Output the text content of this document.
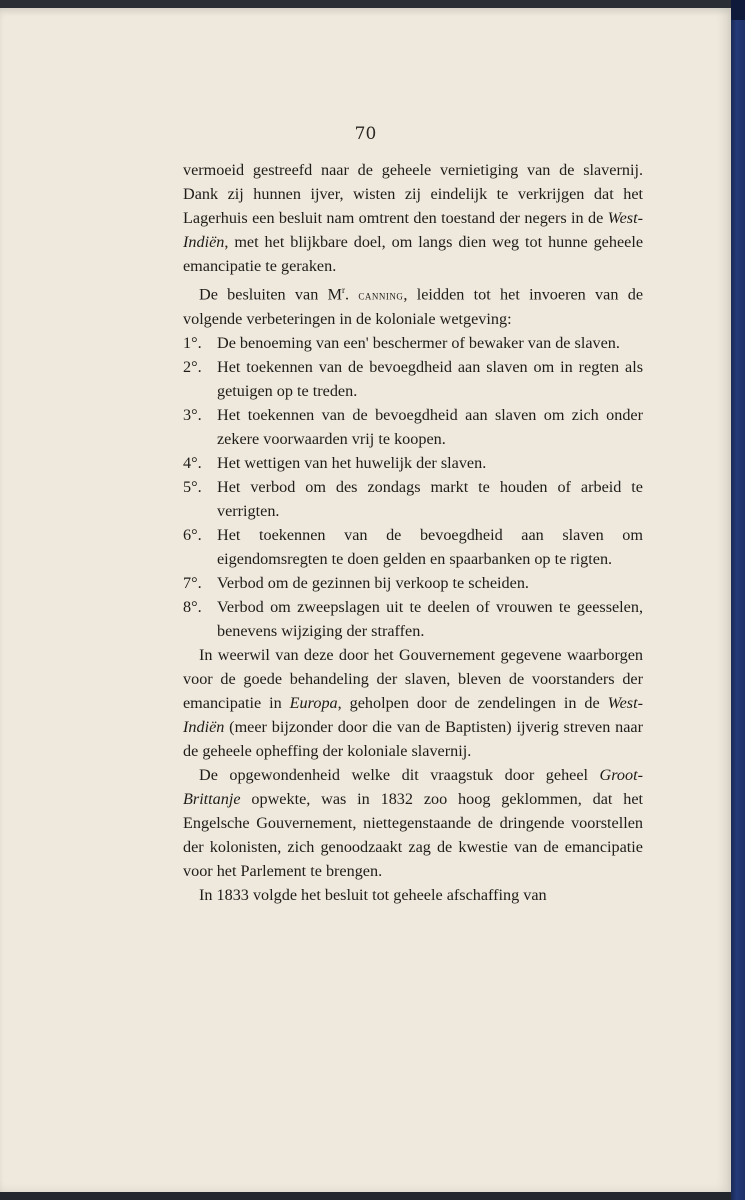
70

vermoeid gestreefd naar de geheele vernietiging van de slavernij. Dank zij hunnen ijver, wisten zij eindelijk te verkrijgen dat het Lagerhuis een besluit nam omtrent den toestand der negers in de West-Indiën, met het blijkbare doel, om langs dien weg tot hunne geheele emancipatie te geraken.

De besluiten van $M^r$. canning, leidden tot het invoeren van de volgende verbeteringen in de koloniale wetgeving:

1°. De benoeming van een' beschermer of bewaker van de slaven.
2°. Het toekennen van de bevoegdheid aan slaven om in regten als getuigen op te treden.
3°. Het toekennen van de bevoegdheid aan slaven om zich onder zekere voorwaarden vrij te koopen.
4°. Het wettigen van het huwelijk der slaven.
5°. Het verbod om des zondags markt te houden of arbeid te verrigten.
6°. Het toekennen van de bevoegdheid aan slaven om eigendomsregten te doen gelden en spaarbanken op te rigten.
7°. Verbod om de gezinnen bij verkoop te scheiden.
8°. Verbod om zweepslagen uit te deelen of vrouwen te geesselen, benevens wijziging der straffen.

In weerwil van deze door het Gouvernement gegevene waarborgen voor de goede behandeling der slaven, bleven de voorstanders der emancipatie in Europa, geholpen door de zendelingen in de West-Indiën (meer bijzonder door die van de Baptisten) ijverig streven naar de geheele opheffing der koloniale slavernij.

De opgewondenheid welke dit vraagstuk door geheel Groot-Brittanje opwekte, was in 1832 zoo hoog geklommen, dat het Engelsche Gouvernement, niettegenstaande de dringende voorstellen der kolonisten, zich genoodzaakt zag de kwestie van de emancipatie voor het Parlement te brengen.

In 1833 volgde het besluit tot geheele afschaffing van
